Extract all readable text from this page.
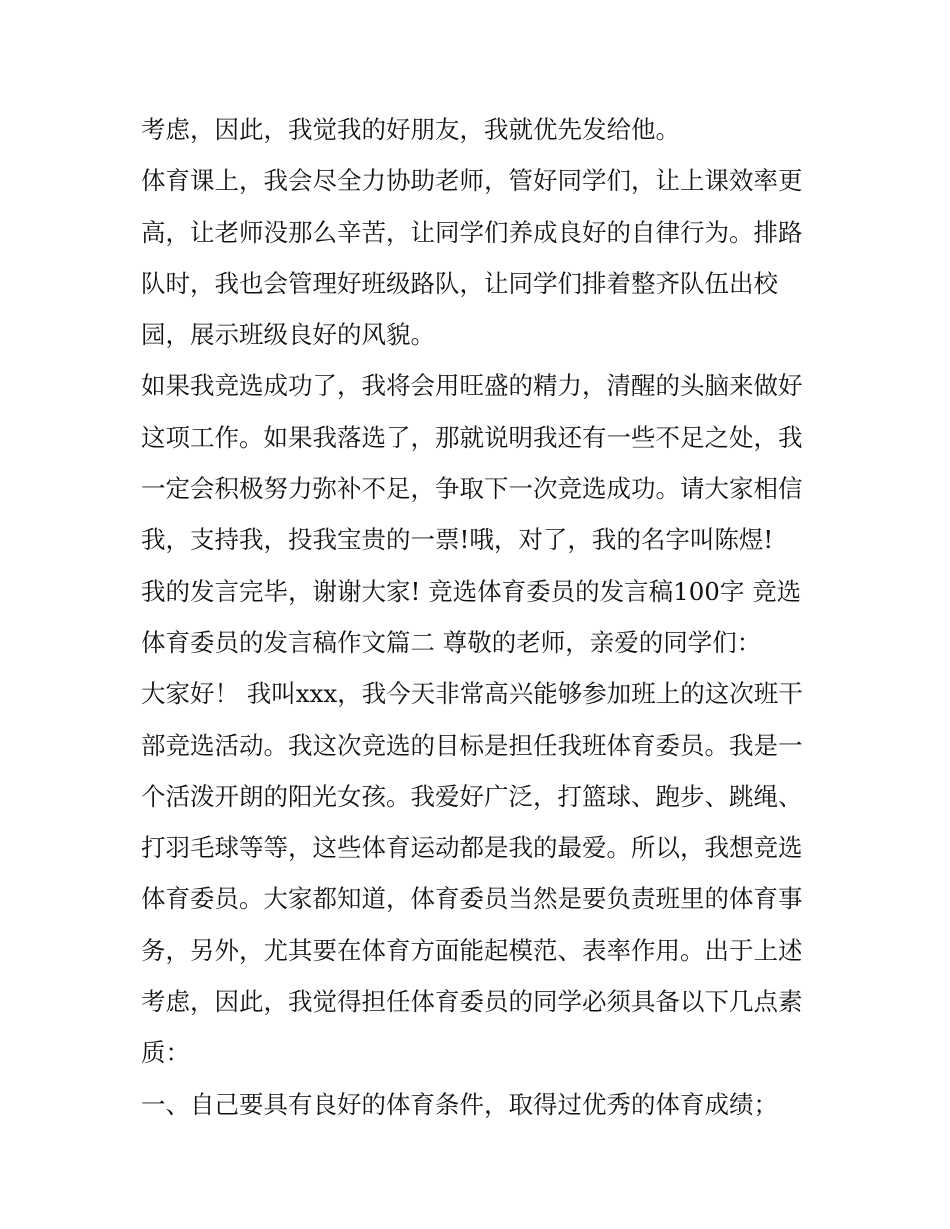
考虑，因此，我觉我的好朋友，我就优先发给他。
体育课上，我会尽全力协助老师，管好同学们，让上课效率更
高，让老师没那么辛苦，让同学们养成良好的自律行为。排路
队时，我也会管理好班级路队，让同学们排着整齐队伍出校
园，展示班级良好的风貌。
如果我竞选成功了，我将会用旺盛的精力，清醒的头脑来做好
这项工作。如果我落选了，那就说明我还有一些不足之处，我
一定会积极努力弥补不足，争取下一次竞选成功。请大家相信
我，支持我，投我宝贵的一票!哦，对了，我的名字叫陈煜!
我的发言完毕，谢谢大家! 竞选体育委员的发言稿100字 竞选
体育委员的发言稿作文篇二 尊敬的老师，亲爱的同学们：
大家好！ 我叫xxx，我今天非常高兴能够参加班上的这次班干
部竞选活动。我这次竞选的目标是担任我班体育委员。我是一
个活泼开朗的阳光女孩。我爱好广泛，打篮球、跑步、跳绳、
打羽毛球等等，这些体育运动都是我的最爱。所以，我想竞选
体育委员。大家都知道，体育委员当然是要负责班里的体育事
务，另外，尤其要在体育方面能起模范、表率作用。出于上述
考虑，因此，我觉得担任体育委员的同学必须具备以下几点素
质：
一、自己要具有良好的体育条件，取得过优秀的体育成绩；
